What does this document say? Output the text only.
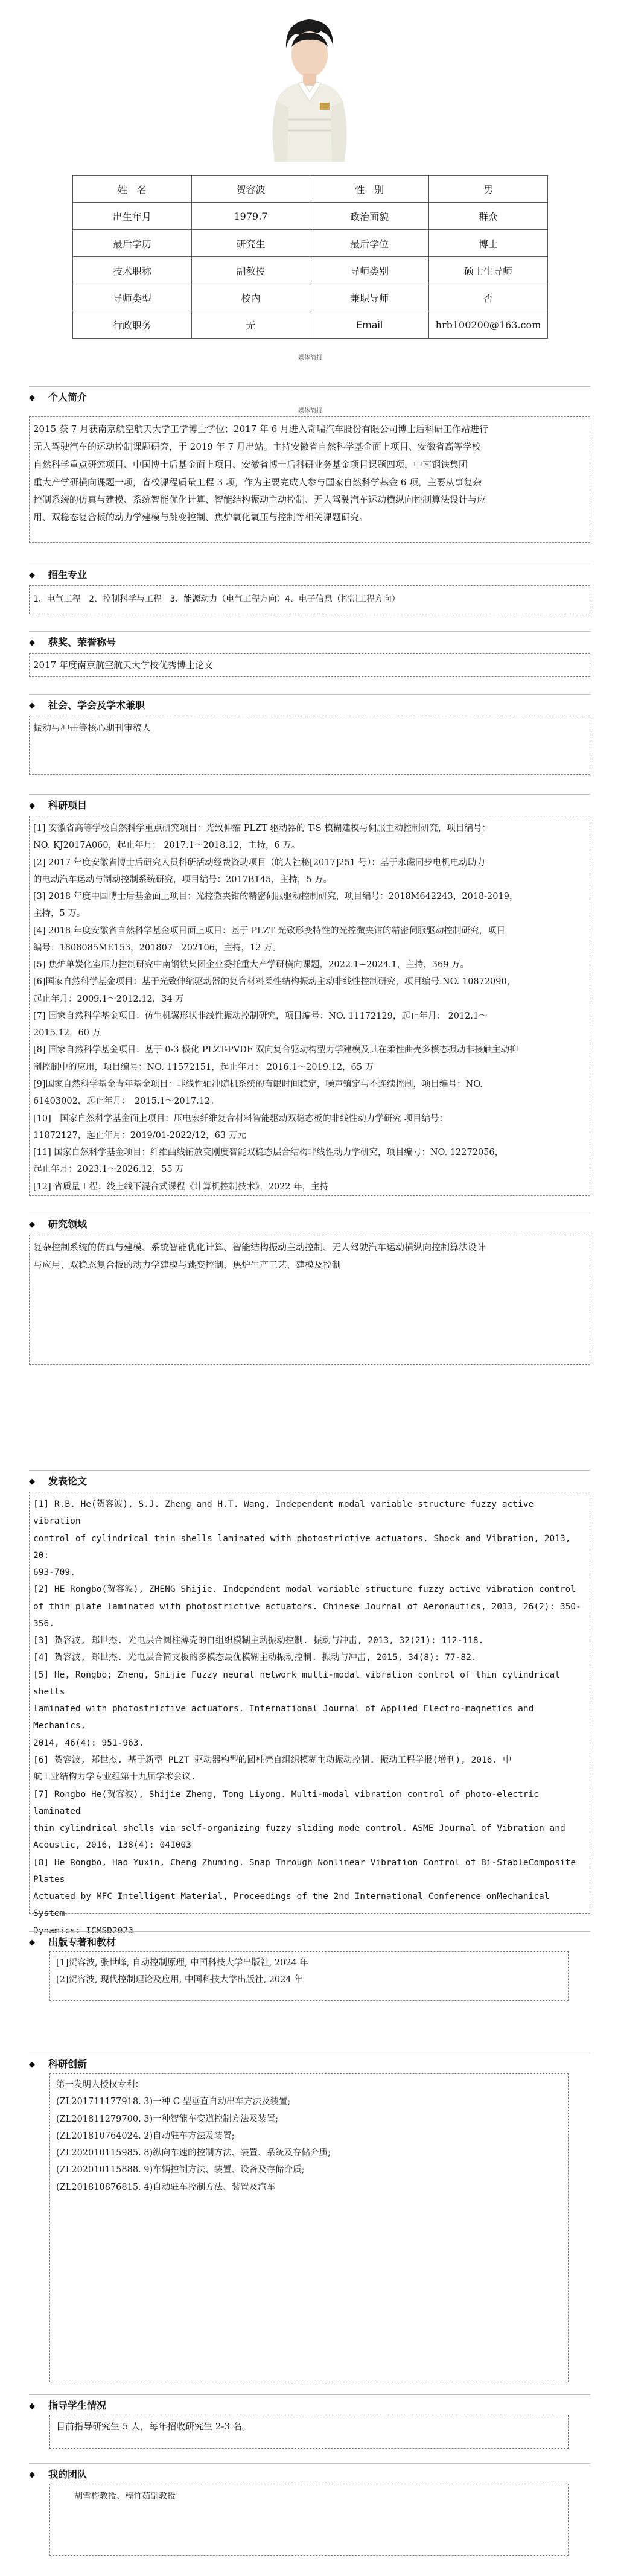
姓　名	贺容波	性　别	男
出生年月	1979.7	政治面貌	群众
最后学历	研究生	最后学位	博士
技术职称	副教授	导师类别	硕士生导师
导师类型	校内	兼职导师	否
行政职务	无	Email	hrb100200@163.com
媒体简报
◆ 个人简介
媒体简报

2015 获 7 月获南京航空航天大学工学博士学位；2017 年 6 月进入奇瑞汽车股份有限公司博士后科研工作站进行

无人驾驶汽车的运动控制课题研究，于 2019 年 7 月出站。主持安徽省自然科学基金面上项目、安徽省高等学校

自然科学重点研究项目、中国博士后基金面上项目、安徽省博士后科研业务基金项目课题四项，中南钢铁集团

重大产学研横向课题一项，省校课程质量工程 3 项，作为主要完成人参与国家自然科学基金 6 项，主要从事复杂

控制系统的仿真与建模、系统智能优化计算、智能结构振动主动控制、无人驾驶汽车运动横纵向控制算法设计与应

用、双稳态复合板的动力学建模与跳变控制、焦炉氧化氧压与控制等相关课题研究。

◆ 招生专业
1、电气工程　2、控制科学与工程　3、能源动力（电气工程方向）4、电子信息（控制工程方向）
◆ 获奖、荣誉称号
2017 年度南京航空航天大学校优秀博士论文
◆ 社会、学会及学术兼职
振动与冲击等核心期刊审稿人
◆ 科研项目

[1] 安徽省高等学校自然科学重点研究项目：光致伸缩 PLZT 驱动器的 T-S 模糊建模与伺服主动控制研究，项目编号：

NO. KJ2017A060，起止年月： 2017.1～2018.12，主持，6 万。

[2] 2017 年度安徽省博士后研究人员科研活动经费资助项目（皖人社秘[2017]251 号）：基于永磁同步电机电动助力

的电动汽车运动与制动控制系统研究，项目编号：2017B145，主持，5 万。

[3] 2018 年度中国博士后基金面上项目：光控微夹钳的精密伺服驱动控制研究，项目编号：2018M642243，2018-2019，

主持，5 万。

[4] 2018 年度安徽省自然科学基金项目面上项目：基于 PLZT 光致形变特性的光控微夹钳的精密伺服驱动控制研究，项目

编号：1808085ME153，201807－202106，主持，12 万。

[5] 焦炉单炭化室压力控制研究中南钢铁集团企业委托重大产学研横向课题，2022.1~2024.1，主持，369 万。

[6]国家自然科学基金项目：基于光致伸缩驱动器的复合材料柔性结构振动主动非线性控制研究，项目编号:NO. 10872090，

起止年月：2009.1～2012.12，34 万

[7] 国家自然科学基金项目：仿生机翼形状非线性振动控制研究，项目编号：NO. 11172129，起止年月： 2012.1～

2015.12，60 万

[8] 国家自然科学基金项目：基于 0-3 极化 PLZT-PVDF 双向复合驱动构型力学建模及其在柔性曲壳多模态振动非接触主动抑

制控制中的应用，项目编号：NO. 11572151，起止年月： 2016.1～2019.12，65 万

[9]国家自然科学基金青年基金项目：非线性轴冲随机系统的有限时间稳定，噪声镇定与不连续控制，项目编号：NO.

61403002，起止年月：　2015.1～2017.12。

[10]　国家自然科学基金面上项目：压电宏纤维复合材料智能驱动双稳态板的非线性动力学研究 项目编号：

11872127，起止年月：2019/01-2022/12，63 万元

[11] 国家自然科学基金项目：纤维曲线铺放变刚度智能双稳态层合结构非线性动力学研究，项目编号：NO. 12272056，

起止年月：2023.1～2026.12，55 万

[12] 省质量工程：线上线下混合式课程《计算机控制技术》，2022 年，主持

◆ 研究领域

复杂控制系统的仿真与建模、系统智能优化计算、智能结构振动主动控制、无人驾驶汽车运动横纵向控制算法设计

与应用、双稳态复合板的动力学建模与跳变控制、焦炉生产工艺、建模及控制

◆ 发表论文

[1] R.B. He(贺容波), S.J. Zheng and H.T. Wang, Independent modal variable structure fuzzy active vibration

control of cylindrical thin shells laminated with photostrictive actuators. Shock and Vibration, 2013, 20:

693-709.

[2] HE Rongbo(贺容波), ZHENG Shijie. Independent modal variable structure fuzzy active vibration control

of thin plate laminated with photostrictive actuators. Chinese Journal of Aeronautics, 2013, 26(2): 350-356.

[3] 贺容波, 郑世杰. 光电层合圆柱薄壳的自组织模糊主动振动控制. 振动与冲击, 2013, 32(21): 112-118.

[4] 贺容波, 郑世杰. 光电层合简支板的多模态最优模糊主动振动控制. 振动与冲击, 2015, 34(8): 77-82.

[5] He, Rongbo; Zheng, Shijie Fuzzy neural network multi-modal vibration control of thin cylindrical shells

laminated with photostrictive actuators. International Journal of Applied Electro-magnetics and Mechanics,

2014, 46(4): 951-963.

[6] 贺容波, 郑世杰. 基于新型 PLZT 驱动器构型的圆柱壳自组织模糊主动振动控制. 振动工程学报(增刊), 2016. 中

航工业结构力学专业组第十九届学术会议.

[7] Rongbo He(贺容波), Shijie Zheng, Tong Liyong. Multi-modal vibration control of photo-electric laminated

thin cylindrical shells via self-organizing fuzzy sliding mode control. ASME Journal of Vibration and

Acoustic, 2016, 138(4): 041003

[8] He Rongbo, Hao Yuxin, Cheng Zhuming. Snap Through Nonlinear Vibration Control of Bi-StableComposite Plates

Actuated by MFC Intelligent Material, Proceedings of the 2nd International Conference onMechanical System

Dynamics: ICMSD2023

◆ 出版专著和教材

[1]贺容波, 张世峰, 自动控制原理, 中国科技大学出版社, 2024 年

[2]贺容波, 现代控制理论及应用, 中国科技大学出版社, 2024 年

◆ 科研创新

第一发明人授权专利：

(ZL201711177918. 3)一种 C 型垂直自动出车方法及装置;

(ZL201811279700. 3)一种智能车变道控制方法及装置;

(ZL201810764024. 2)自动驻车方法及装置;

(ZL202010115985. 8)纵向车速的控制方法、装置、系统及存储介质;

(ZL202010115888. 9)车辆控制方法、装置、设备及存储介质;

(ZL201810876815. 4)自动驻车控制方法、装置及汽车

◆ 指导学生情况
目前指导研究生 5 人，每年招收研究生 2-3 名。
◆ 我的团队
胡雪梅教授、程竹茹副教授
